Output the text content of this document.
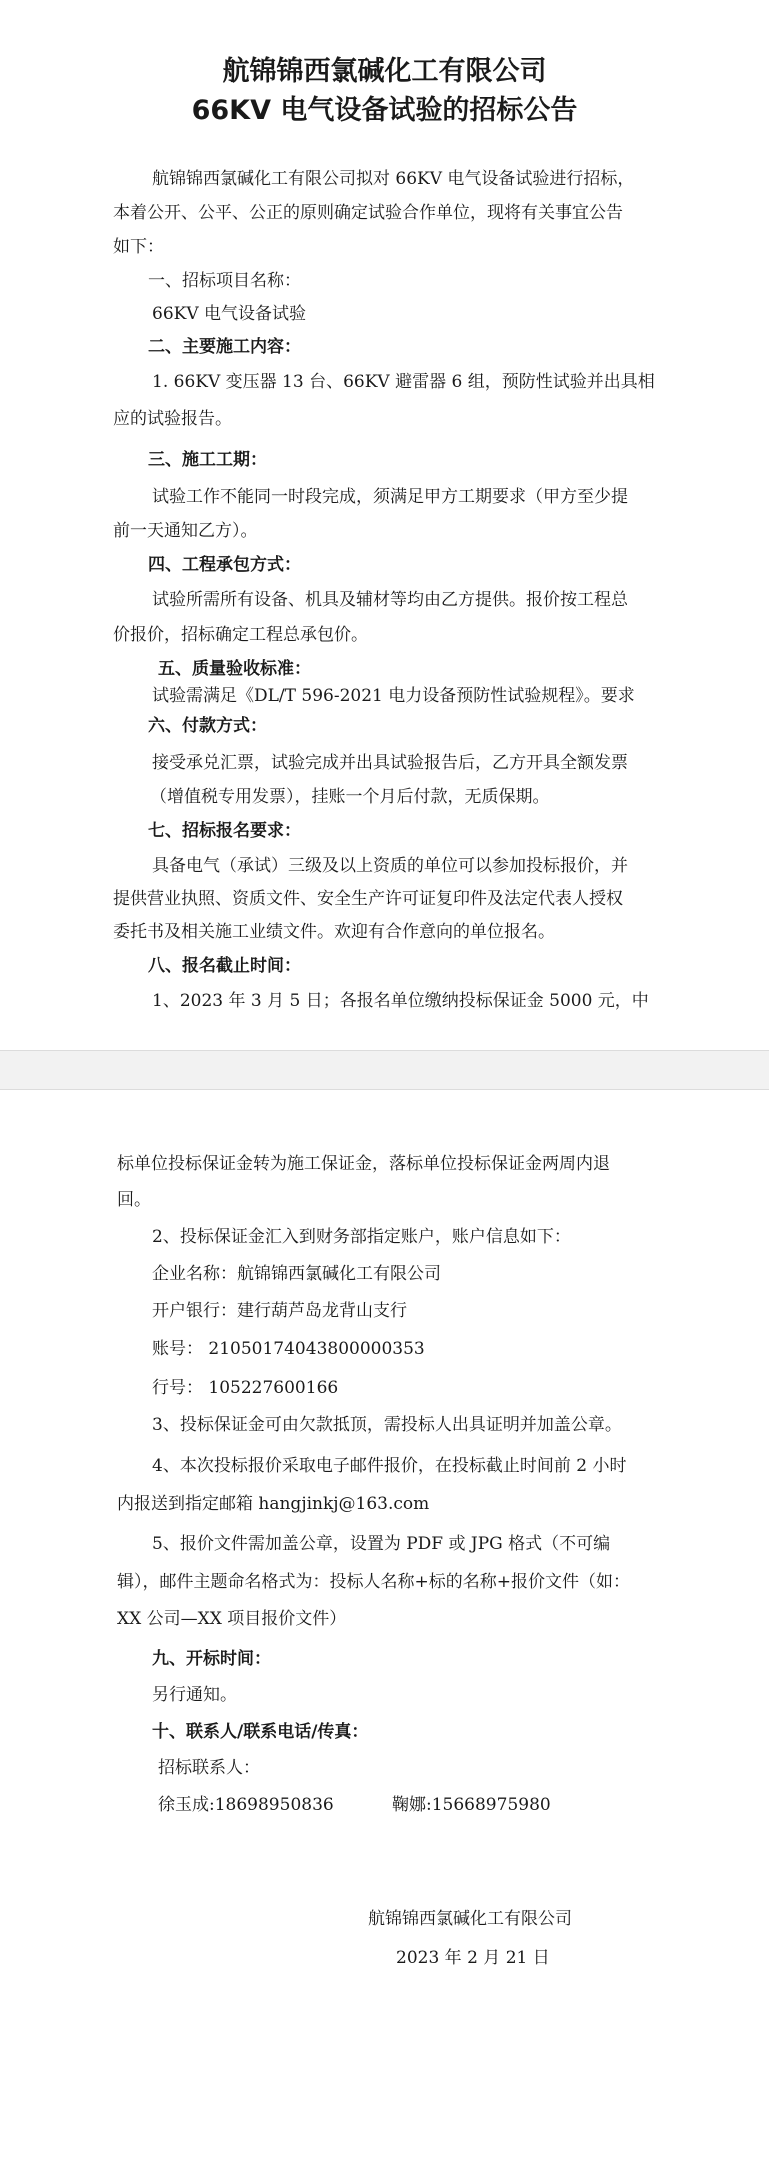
航锦锦西氯碱化工有限公司
66KV 电气设备试验的招标公告
航锦锦西氯碱化工有限公司拟对 66KV 电气设备试验进行招标，
本着公开、公平、公正的原则确定试验合作单位，现将有关事宜公告
如下：
一、招标项目名称：
66KV 电气设备试验
二、主要施工内容：
1. 66KV 变压器 13 台、66KV 避雷器 6 组，预防性试验并出具相
应的试验报告。
三、施工工期：
试验工作不能同一时段完成，须满足甲方工期要求（甲方至少提
前一天通知乙方）。
四、工程承包方式：
试验所需所有设备、机具及辅材等均由乙方提供。报价按工程总
价报价，招标确定工程总承包价。
五、质量验收标准：
试验需满足《DL/T 596-2021 电力设备预防性试验规程》。要求
六、付款方式：
接受承兑汇票，试验完成并出具试验报告后，乙方开具全额发票
（增值税专用发票），挂账一个月后付款，无质保期。
七、招标报名要求：
具备电气（承试）三级及以上资质的单位可以参加投标报价，并
提供营业执照、资质文件、安全生产许可证复印件及法定代表人授权
委托书及相关施工业绩文件。欢迎有合作意向的单位报名。
八、报名截止时间：
1、2023 年 3 月 5 日；各报名单位缴纳投标保证金 5000 元，中
标单位投标保证金转为施工保证金，落标单位投标保证金两周内退
回。
2、投标保证金汇入到财务部指定账户，账户信息如下：
企业名称：航锦锦西氯碱化工有限公司
开户银行：建行葫芦岛龙背山支行
账号： 21050174043800000353
行号： 105227600166
3、投标保证金可由欠款抵顶，需投标人出具证明并加盖公章。
4、本次投标报价采取电子邮件报价，在投标截止时间前 2 小时
内报送到指定邮箱 hangjinkj@163.com
5、报价文件需加盖公章，设置为 PDF 或 JPG 格式（不可编
辑），邮件主题命名格式为：投标人名称+标的名称+报价文件（如：
XX 公司—XX 项目报价文件）
九、开标时间：
另行通知。
十、联系人/联系电话/传真：
招标联系人：
徐玉成:18698950836	鞠娜:15668975980
航锦锦西氯碱化工有限公司
2023 年 2 月 21 日
